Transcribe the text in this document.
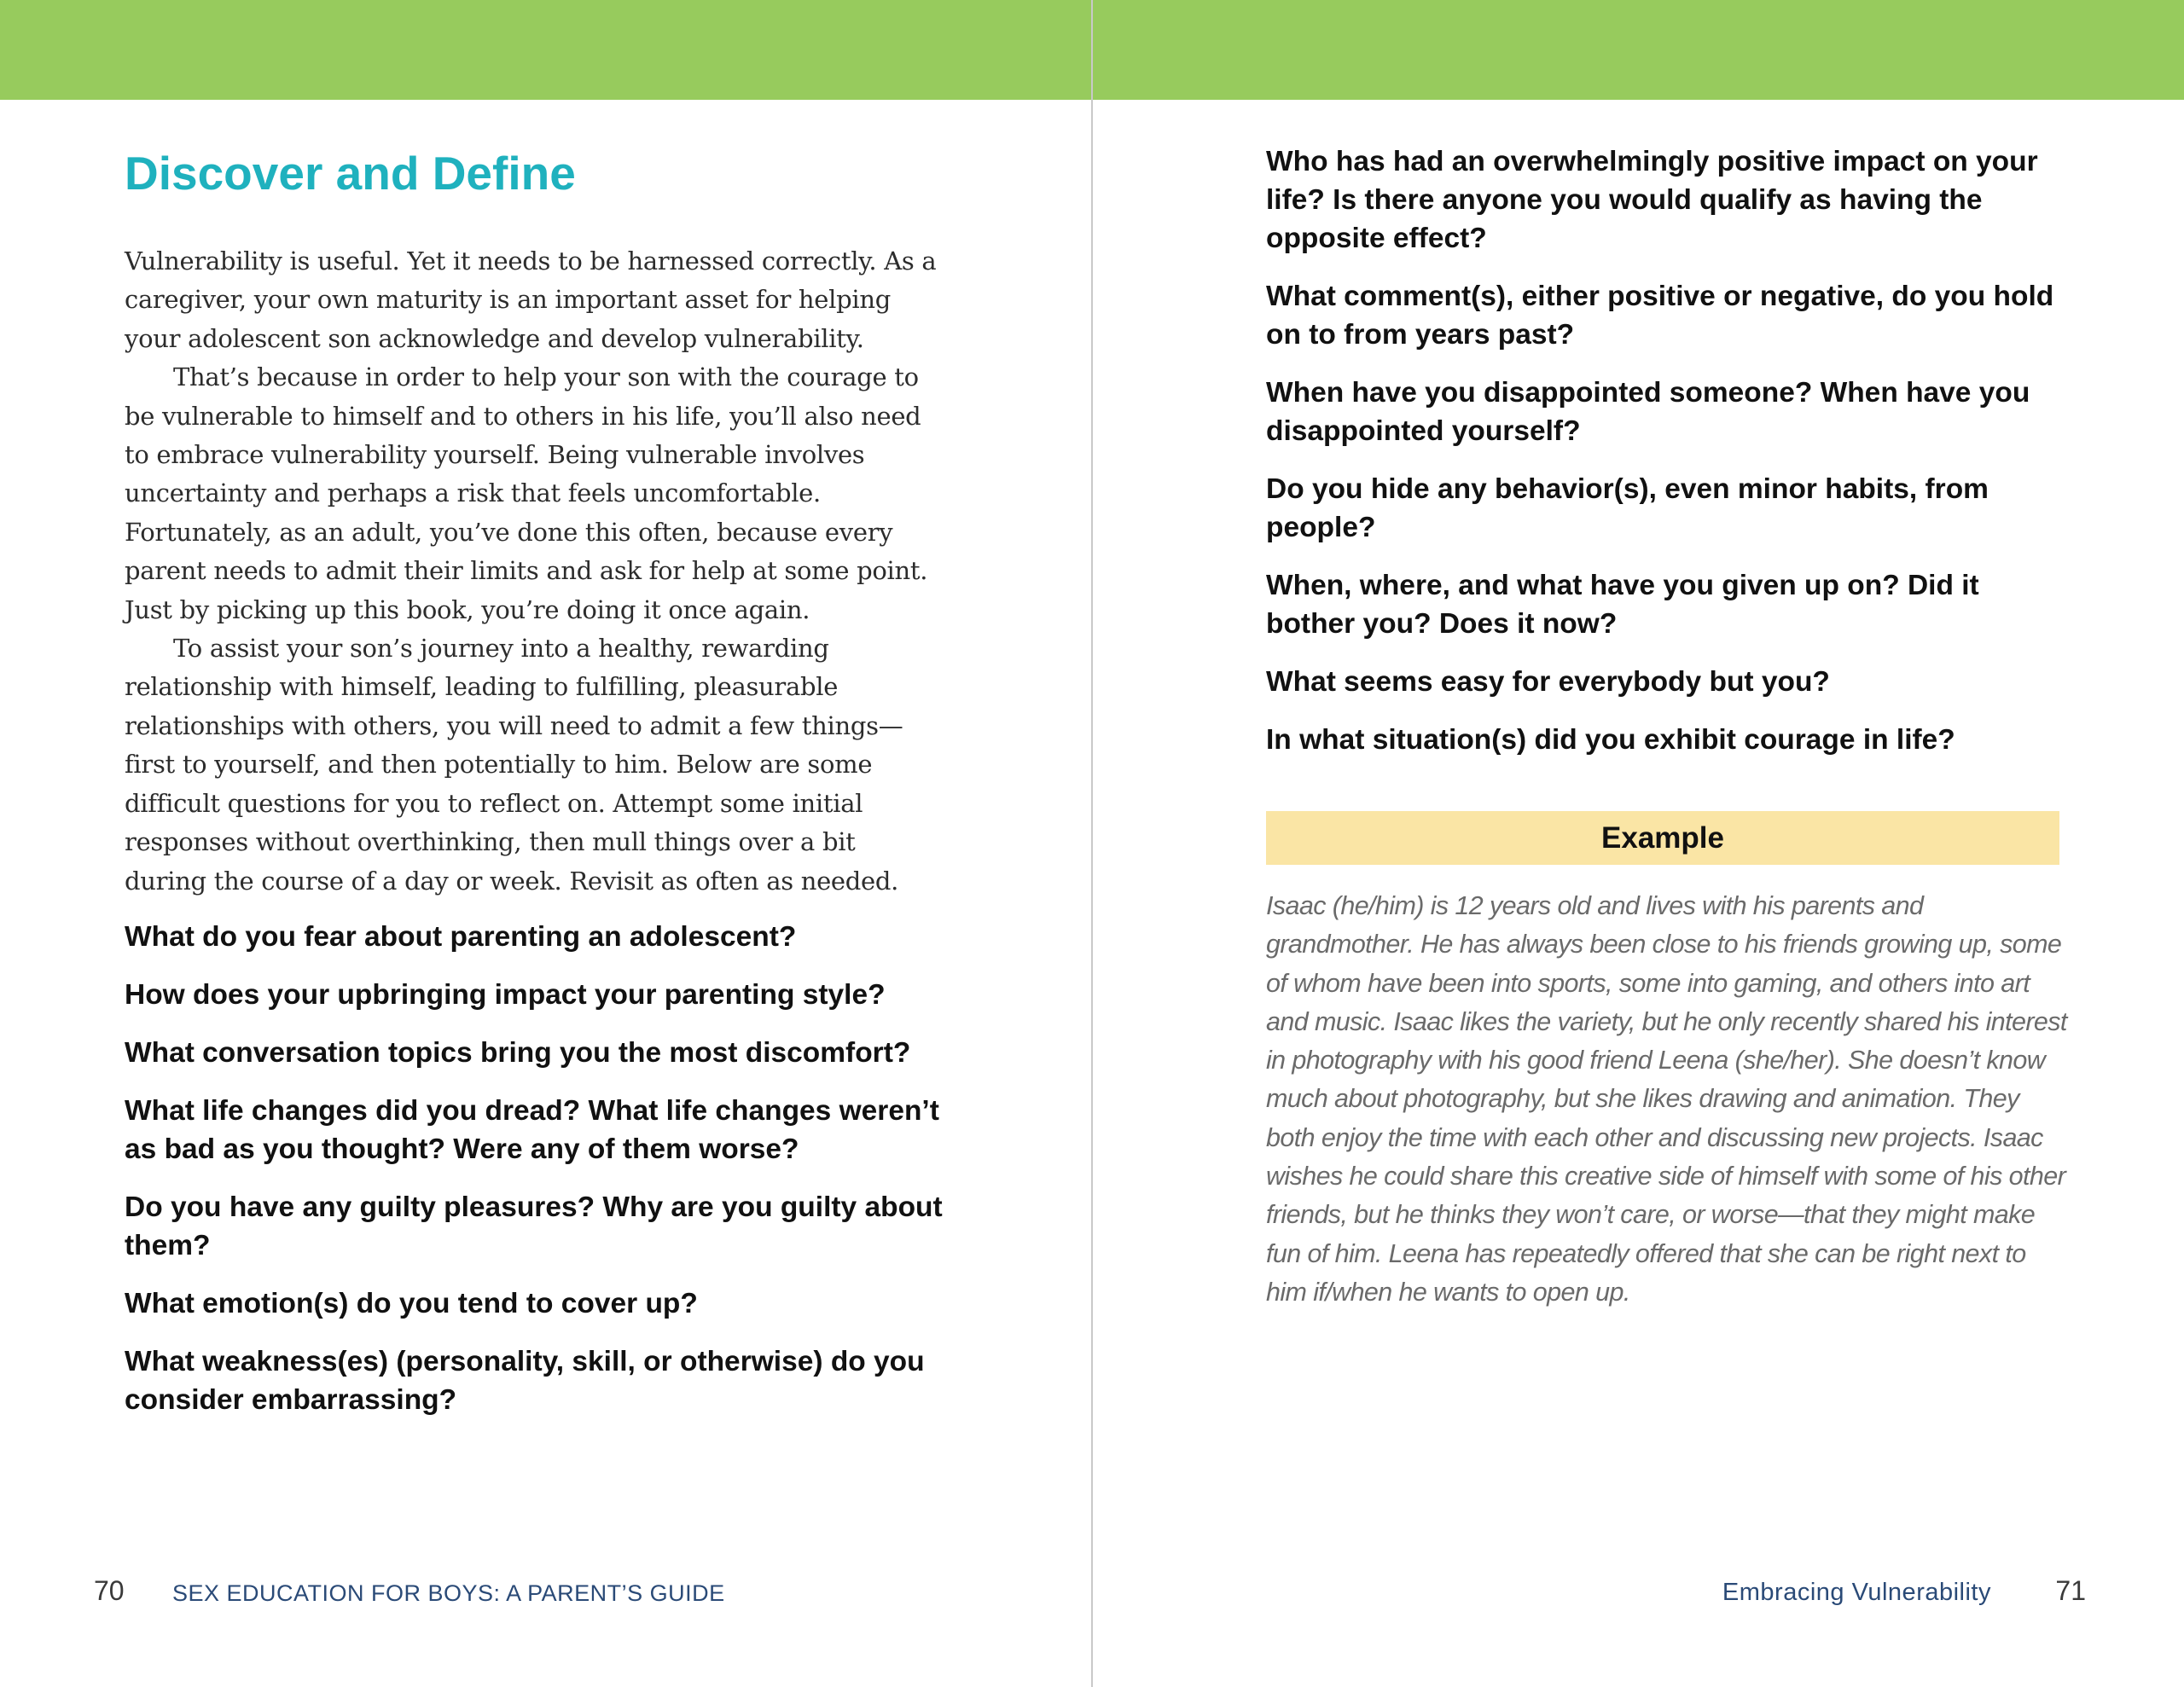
Discover and Define

Vulnerability is useful. Yet it needs to be harnessed correctly. As a caregiver, your own maturity is an important asset for helping your adolescent son acknowledge and develop vulnerability.

That’s because in order to help your son with the courage to be vulnerable to himself and to others in his life, you’ll also need to embrace vulnerability yourself. Being vulnerable involves uncertainty and perhaps a risk that feels uncomfortable. Fortunately, as an adult, you’ve done this often, because every parent needs to admit their limits and ask for help at some point. Just by picking up this book, you’re doing it once again.

To assist your son’s journey into a healthy, rewarding relationship with himself, leading to fulfilling, pleasurable relationships with others, you will need to admit a few things—first to yourself, and then potentially to him. Below are some difficult questions for you to reflect on. Attempt some initial responses without overthinking, then mull things over a bit during the course of a day or week. Revisit as often as needed.

What do you fear about parenting an adolescent?

How does your upbringing impact your parenting style?

What conversation topics bring you the most discomfort?

What life changes did you dread? What life changes weren’t as bad as you thought? Were any of them worse?

Do you have any guilty pleasures? Why are you guilty about them?

What emotion(s) do you tend to cover up?

What weakness(es) (personality, skill, or otherwise) do you consider embarrassing?

70 SEX EDUCATION FOR BOYS: A PARENT’S GUIDE

Who has had an overwhelmingly positive impact on your life? Is there anyone you would qualify as having the opposite effect?

What comment(s), either positive or negative, do you hold on to from years past?

When have you disappointed someone? When have you disappointed yourself?

Do you hide any behavior(s), even minor habits, from people?

When, where, and what have you given up on? Did it bother you? Does it now?

What seems easy for everybody but you?

In what situation(s) did you exhibit courage in life?

Example
Isaac (he/him) is 12 years old and lives with his parents and grandmother. He has always been close to his friends growing up, some of whom have been into sports, some into gaming, and others into art and music. Isaac likes the variety, but he only recently shared his interest in photography with his good friend Leena (she/her). She doesn’t know much about photography, but she likes drawing and animation. They both enjoy the time with each other and discussing new projects. Isaac wishes he could share this creative side of himself with some of his other friends, but he thinks they won’t care, or worse—that they might make fun of him. Leena has repeatedly offered that she can be right next to him if/when he wants to open up.
Embracing Vulnerability 71
